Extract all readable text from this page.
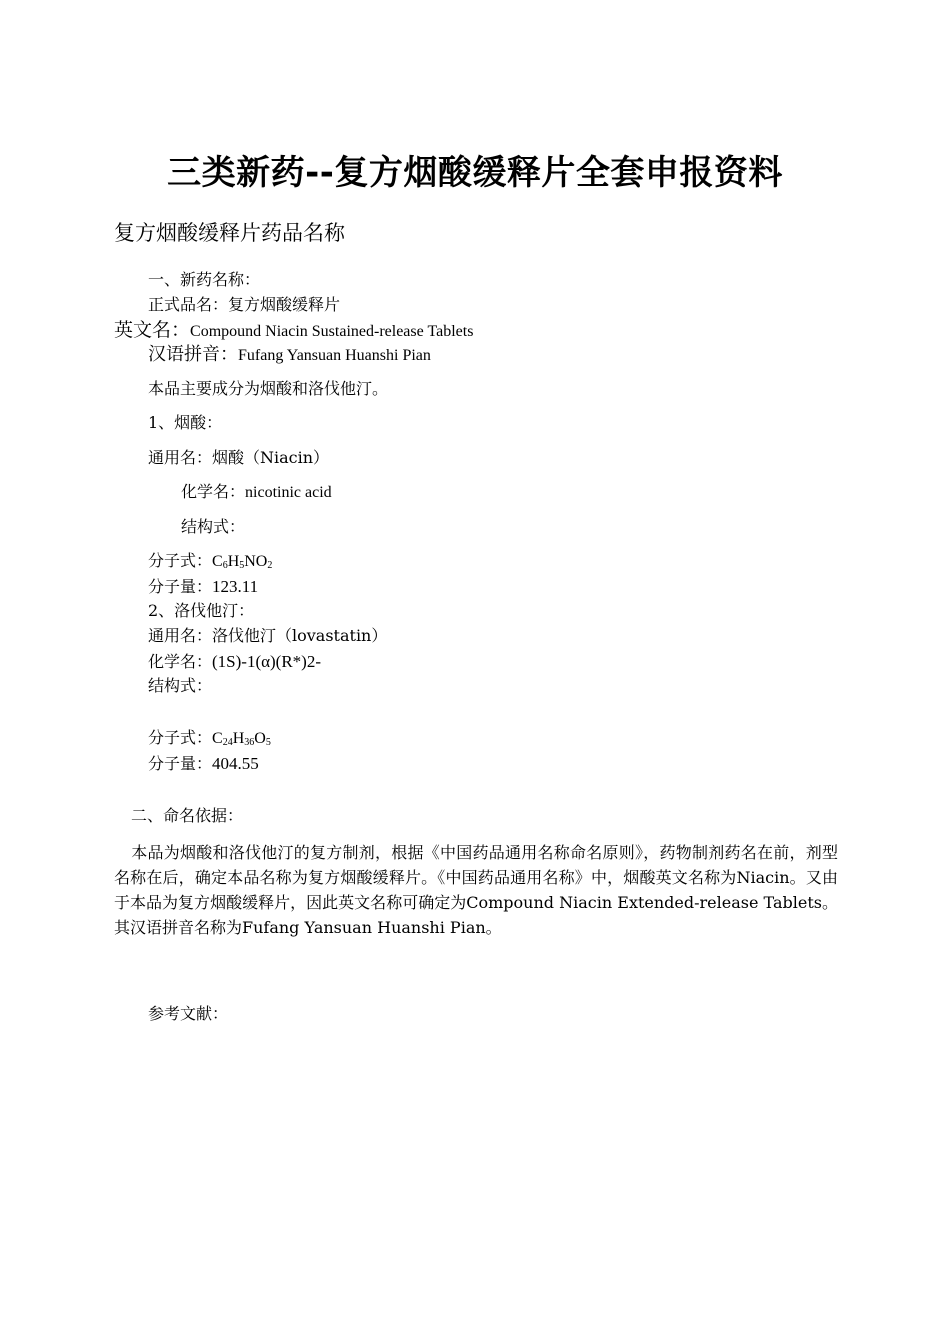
三类新药--复方烟酸缓释片全套申报资料
复方烟酸缓释片药品名称
一、新药名称：
正式品名：复方烟酸缓释片
英文名：Compound Niacin Sustained-release Tablets
汉语拼音：Fufang Yansuan Huanshi Pian
本品主要成分为烟酸和洛伐他汀。
1、烟酸：
通用名：烟酸（Niacin）
化学名：nicotinic acid
结构式：
分子式：$C_6H_5NO_2$
分子量：123.11
2、洛伐他汀：
通用名：洛伐他汀（lovastatin）
化学名：(1S)-1(α)(R*)2-
结构式：
分子式：$C_{24}H_{36}O_5$
分子量：404.55
二、命名依据：
本品为烟酸和洛伐他汀的复方制剂，根据《中国药品通用名称命名原则》，药物制剂药名在前，剂型名称在后，确定本品名称为复方烟酸缓释片。《中国药品通用名称》中，烟酸英文名称为Niacin。又由于本品为复方烟酸缓释片，因此英文名称可确定为Compound Niacin Extended-release Tablets。其汉语拼音名称为Fufang Yansuan Huanshi Pian。
参考文献：
